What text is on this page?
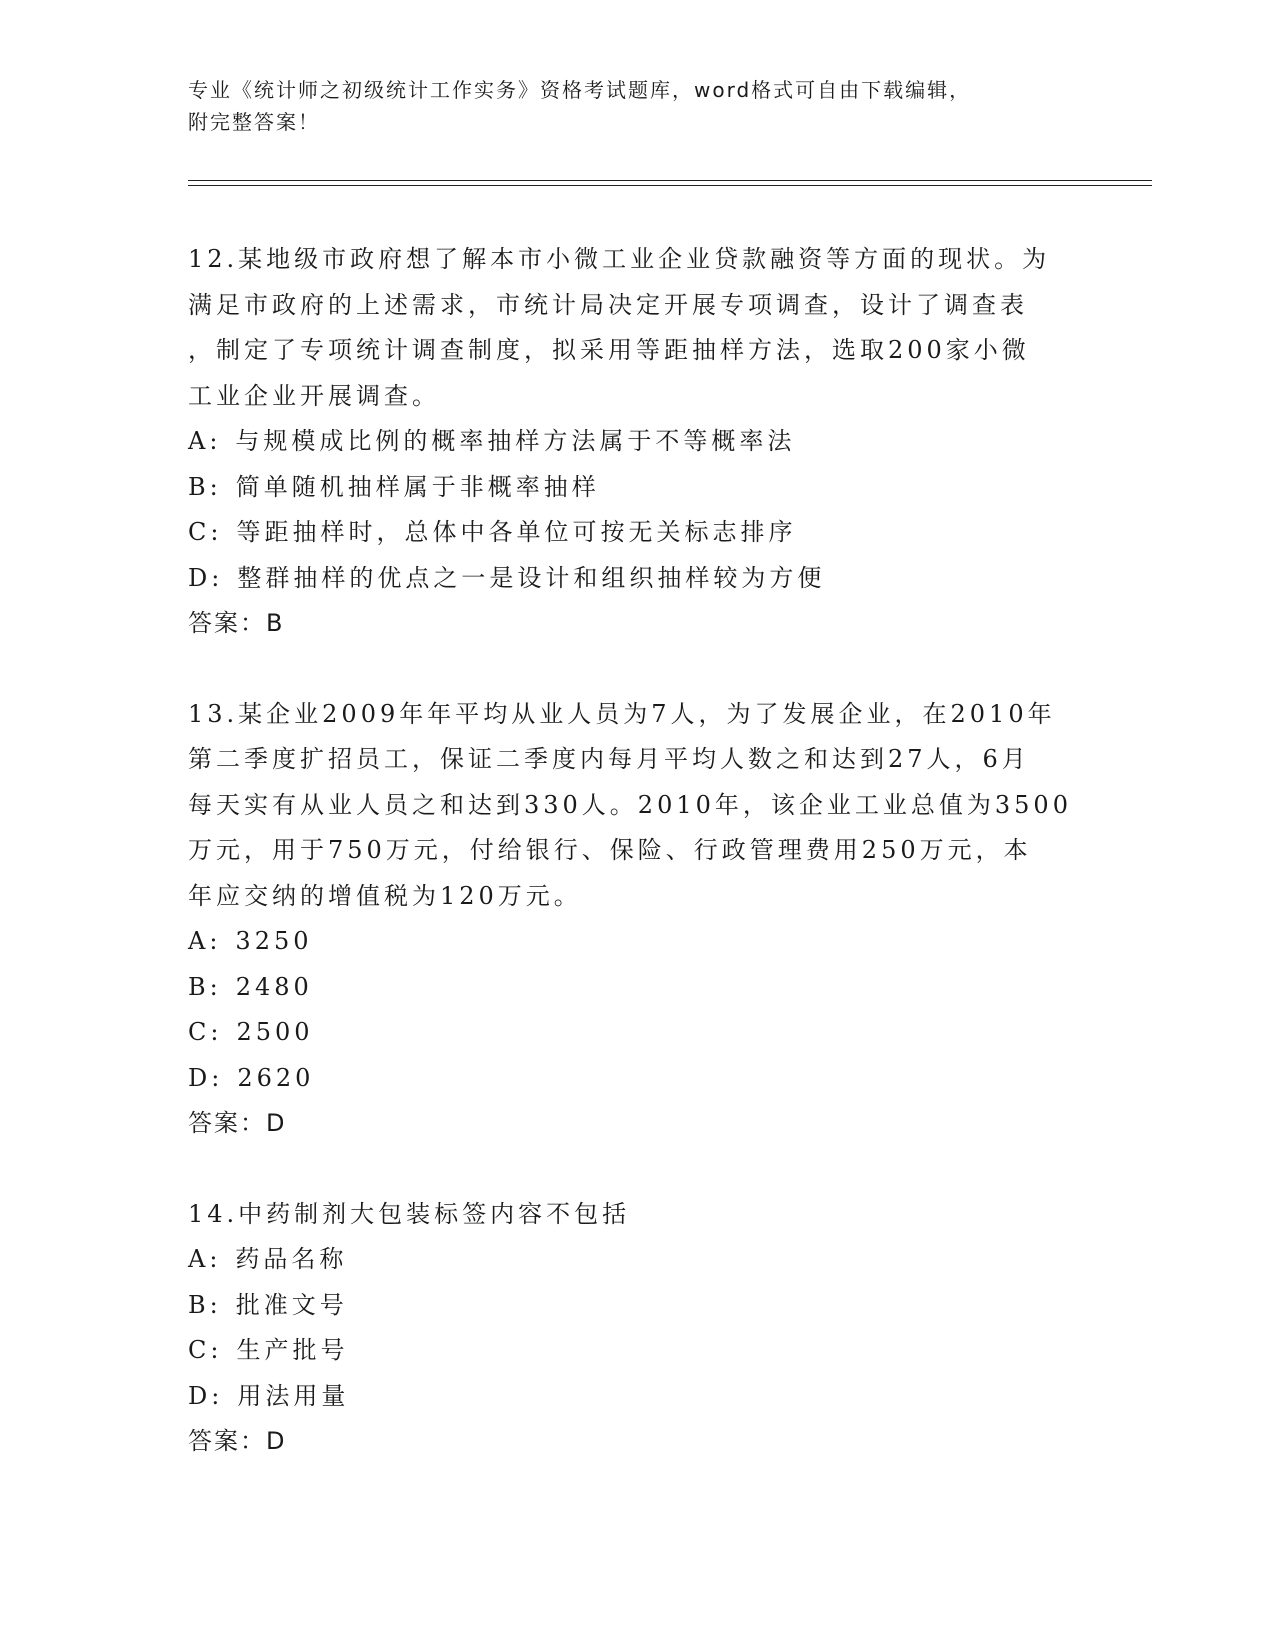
专业《统计师之初级统计工作实务》资格考试题库，word格式可自由下载编辑，
附完整答案！

12.某地级市政府想了解本市小微工业企业贷款融资等方面的现状。为

满足市政府的上述需求，市统计局决定开展专项调查，设计了调查表

，制定了专项统计调查制度，拟采用等距抽样方法，选取200家小微

工业企业开展调查。

A: 与规模成比例的概率抽样方法属于不等概率法

B: 简单随机抽样属于非概率抽样

C: 等距抽样时，总体中各单位可按无关标志排序

D: 整群抽样的优点之一是设计和组织抽样较为方便

答案：B

13.某企业2009年年平均从业人员为7人，为了发展企业，在2010年

第二季度扩招员工，保证二季度内每月平均人数之和达到27人，6月

每天实有从业人员之和达到330人。2010年，该企业工业总值为3500

万元，用于750万元，付给银行、保险、行政管理费用250万元，本

年应交纳的增值税为120万元。

A: 3250

B: 2480

C: 2500

D: 2620

答案：D

14.中药制剂大包装标签内容不包括

A: 药品名称

B: 批准文号

C: 生产批号

D: 用法用量

答案：D
